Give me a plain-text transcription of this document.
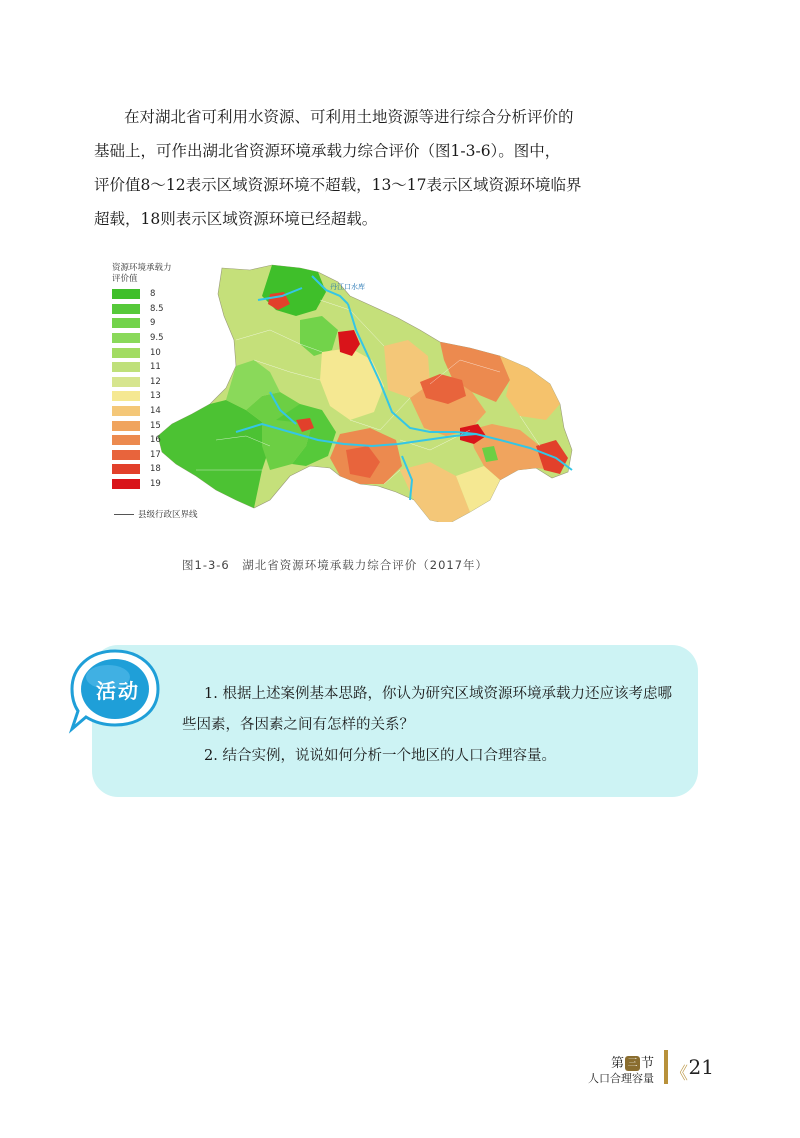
在对湖北省可利用水资源、可利用土地资源等进行综合分析评价的
基础上，可作出湖北省资源环境承载力综合评价（图1-3-6）。图中，
评价值8～12表示区域资源环境不超载，13～17表示区域资源环境临界
超载，18则表示区域资源环境已经超载。
丹江口水库
资源环境承载力
评价值
8
8.5
9
9.5
10
11
12
13
14
15
16
17
18
19
县级行政区界线
图1-3-6　湖北省资源环境承载力综合评价（2017年）
活动	1. 根据上述案例基本思路，你认为研究区域资源环境承载力还应该考虑哪些因素，各因素之间有怎样的关系？
2. 结合实例，说说如何分析一个地区的人口合理容量。
第 三 节
人口合理容量 《 21
